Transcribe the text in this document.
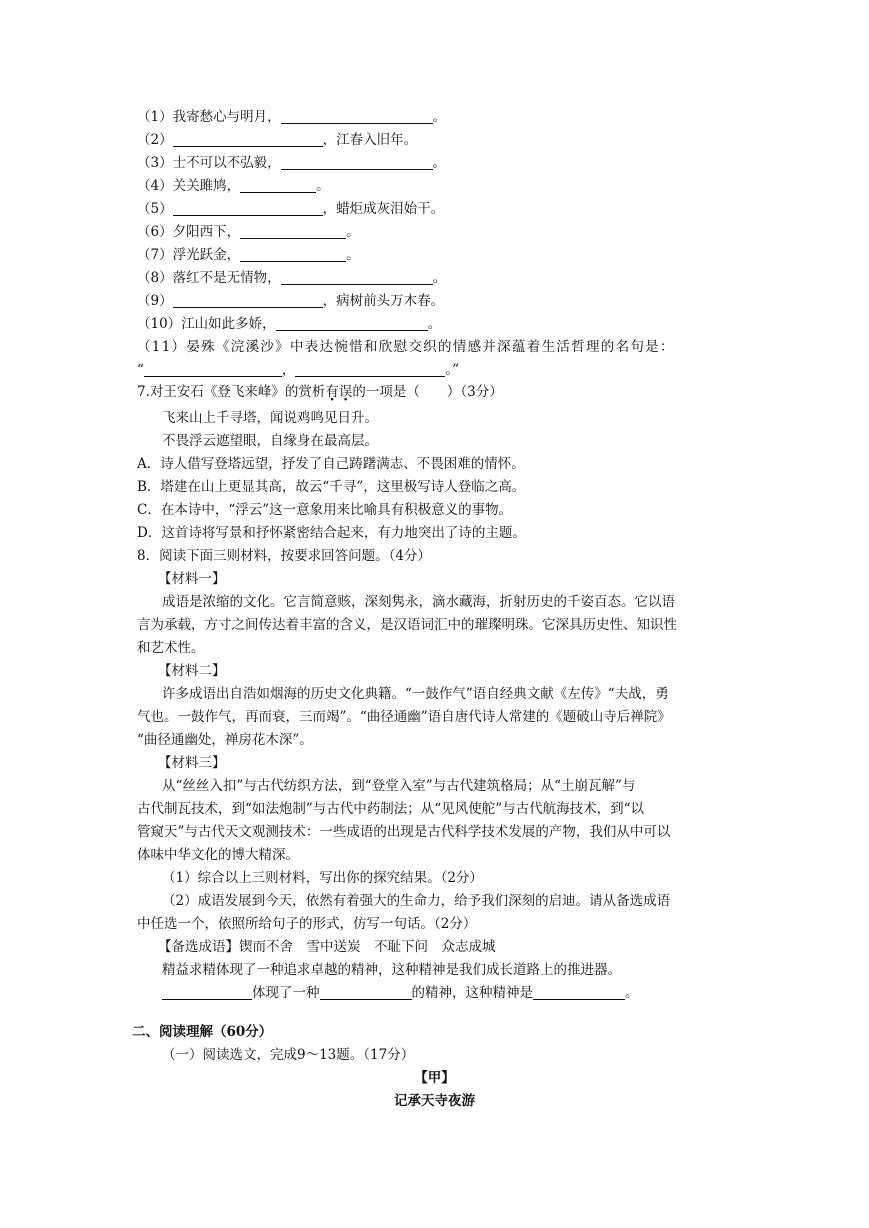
（1）我寄愁心与明月，	。
（2）	，江春入旧年。
（3）士不可以不弘毅，	。
（4）关关雎鸠，	。
（5）	，蜡炬成灰泪始干。
（6）夕阳西下，	。
（7）浮光跃金，	。
（8）落红不是无情物，	。
（9）	，病树前头万木春。
（10）江山如此多娇，	。
（11）晏殊《浣溪沙》中表达惋惜和欣慰交织的情感并深蕴着生活哲理的名句是：
“	，	。”
7.对王安石《登飞来峰》的赏析有误的一项是（　　）（3分）
飞来山上千寻塔，闻说鸡鸣见日升。
不畏浮云遮望眼，自缘身在最高层。
A．诗人借写登塔远望，抒发了自己踌躇满志、不畏困难的情怀。
B．塔建在山上更显其高，故云“千寻”，这里极写诗人登临之高。
C．在本诗中，“浮云”这一意象用来比喻具有积极意义的事物。
D．这首诗将写景和抒怀紧密结合起来，有力地突出了诗的主题。
8．阅读下面三则材料，按要求回答问题。（4分）
【材料一】
成语是浓缩的文化。它言简意赅，深刻隽永，滴水藏海，折射历史的千姿百态。它以语
言为承载，方寸之间传达着丰富的含义，是汉语词汇中的璀璨明珠。它深具历史性、知识性
和艺术性。
【材料二】
许多成语出自浩如烟海的历史文化典籍。“一鼓作气”语自经典文献《左传》“夫战，勇
气也。一鼓作气，再而衰，三而竭”。“曲径通幽”语自唐代诗人常建的《题破山寺后禅院》
“曲径通幽处，禅房花木深”。
【材料三】
从“丝丝入扣”与古代纺织方法，到“登堂入室”与古代建筑格局；从“土崩瓦解”与
古代制瓦技术，到“如法炮制”与古代中药制法；从“见风使舵”与古代航海技术，到“以
管窥天”与古代天文观测技术：一些成语的出现是古代科学技术发展的产物，我们从中可以
体味中华文化的博大精深。
（1）综合以上三则材料，写出你的探究结果。（2分）
（2）成语发展到今天，依然有着强大的生命力，给予我们深刻的启迪。请从备选成语
中任选一个，依照所给句子的形式，仿写一句话。（2分）
【备选成语】锲而不舍　雪中送炭　不耻下问　众志成城
精益求精体现了一种追求卓越的精神，这种精神是我们成长道路上的推进器。
体现了一种	的精神，这种精神是	。
二、阅读理解（60分）
（一）阅读选文，完成9～13题。（17分）
【甲】
记承天寺夜游
